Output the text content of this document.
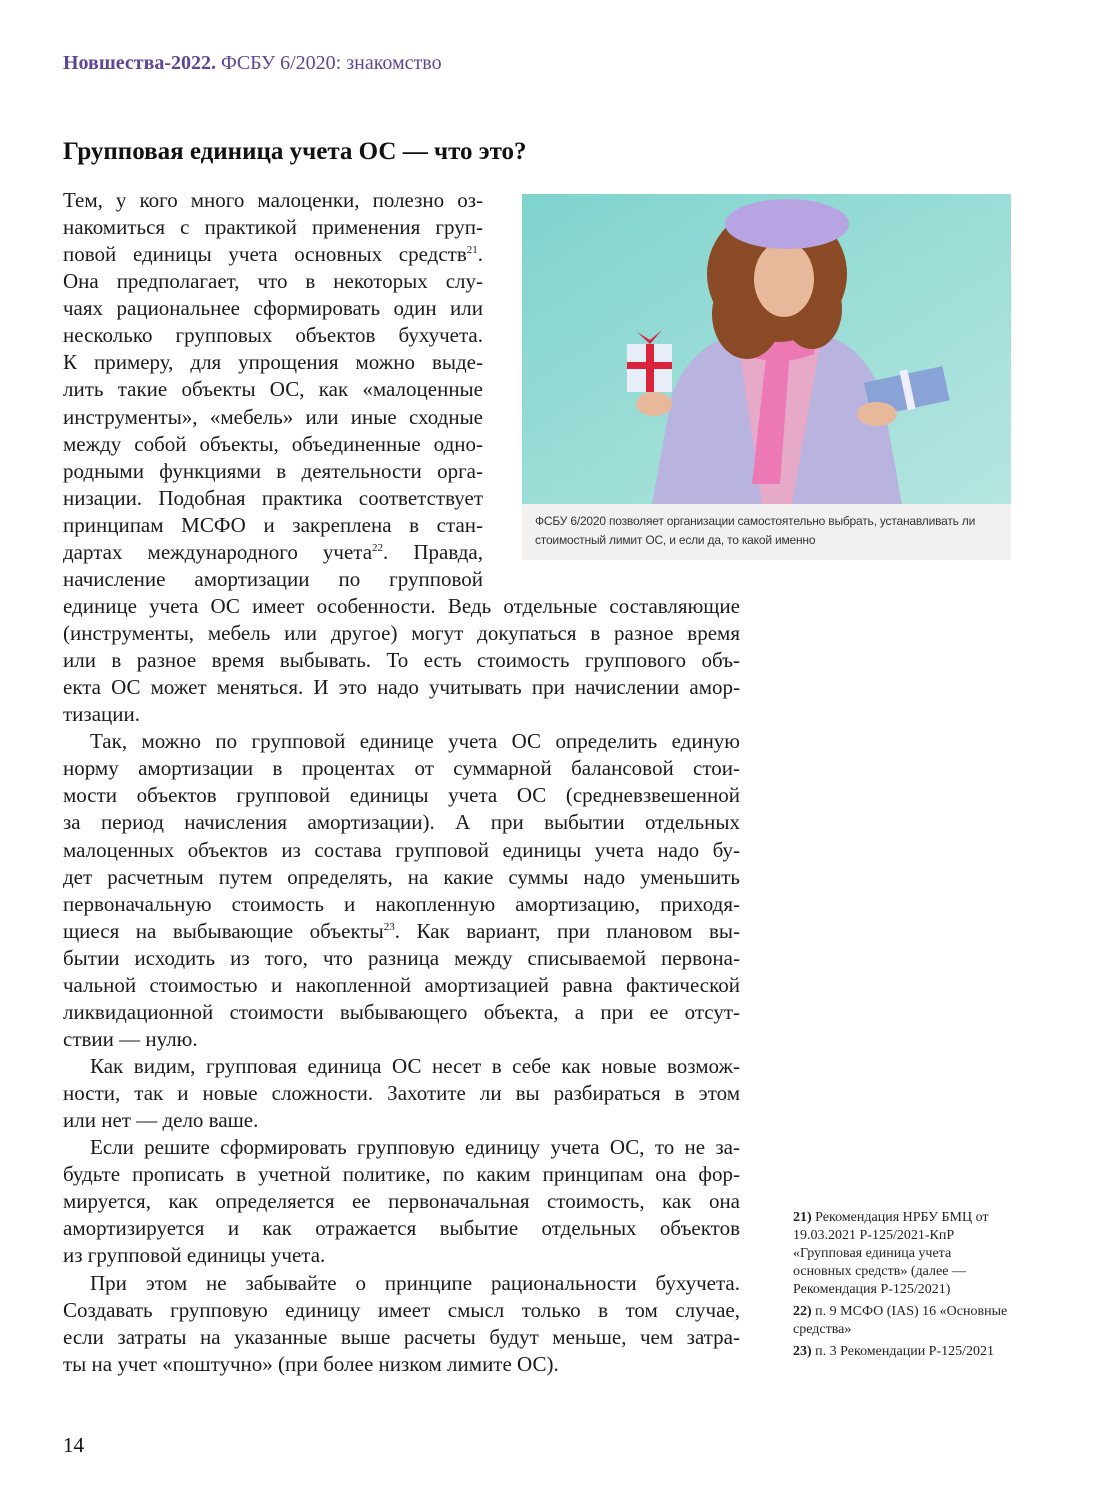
Новшества-2022. ФСБУ 6/2020: знакомство
Групповая единица учета ОС — что это?
ФСБУ 6/2020 позволяет организации самостоятельно выбрать, устанавливать ли стоимостный лимит ОС, и если да, то какой именно
Тем, у кого много малоценки, полезно оз-
накомиться с практикой применения груп-
повой единицы учета основных средств$^{21}$.
Она предполагает, что в некоторых слу-
чаях рациональнее сформировать один или
несколько групповых объектов бухучета.
К примеру, для упрощения можно выде-
лить такие объекты ОС, как «малоценные
инструменты», «мебель» или иные сходные
между собой объекты, объединенные одно-
родными функциями в деятельности орга-
низации. Подобная практика соответствует
принципам МСФО и закреплена в стан-
дартах международного учета$^{22}$. Правда,
начисление амортизации по групповой
единице учета ОС имеет особенности. Ведь отдельные составляющие
(инструменты, мебель или другое) могут докупаться в разное время
или в разное время выбывать. То есть стоимость группового объ-
екта ОС может меняться. И это надо учитывать при начислении амор-
тизации.
Так, можно по групповой единице учета ОС определить единую
норму амортизации в процентах от суммарной балансовой стои-
мости объектов групповой единицы учета ОС (средневзвешенной
за период начисления амортизации). А при выбытии отдельных
малоценных объектов из состава групповой единицы учета надо бу-
дет расчетным путем определять, на какие суммы надо уменьшить
первоначальную стоимость и накопленную амортизацию, приходя-
щиеся на выбывающие объекты$^{23}$. Как вариант, при плановом вы-
бытии исходить из того, что разница между списываемой первона-
чальной стоимостью и накопленной амортизацией равна фактической
ликвидационной стоимости выбывающего объекта, а при ее отсут-
ствии — нулю.
Как видим, групповая единица ОС несет в себе как новые возмож-
ности, так и новые сложности. Захотите ли вы разбираться в этом
или нет — дело ваше.
Если решите сформировать групповую единицу учета ОС, то не за-
будьте прописать в учетной политике, по каким принципам она фор-
мируется, как определяется ее первоначальная стоимость, как она
амортизируется и как отражается выбытие отдельных объектов
из групповой единицы учета.
При этом не забывайте о принципе рациональности бухучета.
Создавать групповую единицу имеет смысл только в том случае,
если затраты на указанные выше расчеты будут меньше, чем затра-
ты на учет «поштучно» (при более низком лимите ОС).
21) Рекомендация НРБУ БМЦ от 19.03.2021 Р-125/2021-КпР «Групповая единица учета основных средств» (далее — Рекомендация Р-125/2021)
22) п. 9 МСФО (IAS) 16 «Основные средства»
23) п. 3 Рекомендации Р-125/2021
14
